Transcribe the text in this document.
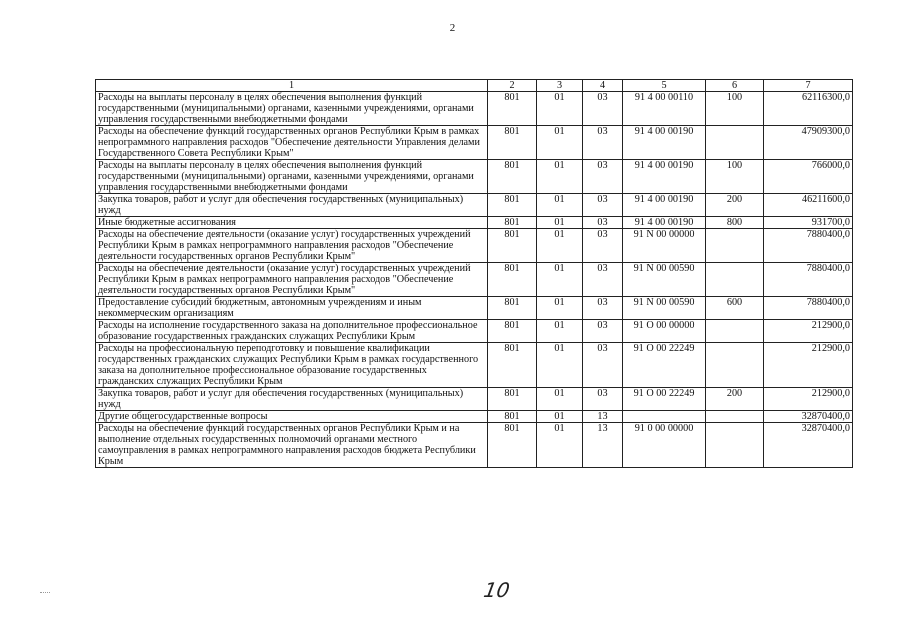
2
1	2	3	4	5	6	7
Расходы на выплаты персоналу в целях обеспечения выполнения функций государственными (муниципальными) органами, казенными учреждениями, органами управления государственными внебюджетными фондами	801	01	03	91 4 00 00110	100	62116300,0
Расходы на обеспечение функций государственных органов Республики Крым в рамках непрограммного направления расходов "Обеспечение деятельности Управления делами Государственного Совета Республики Крым"	801	01	03	91 4 00 00190		47909300,0
Расходы на выплаты персоналу в целях обеспечения выполнения функций государственными (муниципальными) органами, казенными учреждениями, органами управления государственными внебюджетными фондами	801	01	03	91 4 00 00190	100	766000,0
Закупка товаров, работ и услуг для обеспечения государственных (муниципальных) нужд	801	01	03	91 4 00 00190	200	46211600,0
Иные бюджетные ассигнования	801	01	03	91 4 00 00190	800	931700,0
Расходы на обеспечение деятельности (оказание услуг) государственных учреждений Республики Крым в рамках непрограммного направления расходов "Обеспечение деятельности государственных органов Республики Крым"	801	01	03	91 N 00 00000		7880400,0
Расходы на обеспечение деятельности (оказание услуг) государственных учреждений Республики Крым в рамках непрограммного направления расходов "Обеспечение деятельности государственных органов Республики Крым"	801	01	03	91 N 00 00590		7880400,0
Предоставление субсидий бюджетным, автономным учреждениям и иным некоммерческим организациям	801	01	03	91 N 00 00590	600	7880400,0
Расходы на исполнение государственного заказа на дополнительное профессиональное образование государственных гражданских служащих Республики Крым	801	01	03	91 О 00 00000		212900,0
Расходы на профессиональную переподготовку и повышение квалификации государственных гражданских служащих Республики Крым в рамках государственного заказа на дополнительное профессиональное образование государственных гражданских служащих Республики Крым	801	01	03	91 О 00 22249		212900,0
Закупка товаров, работ и услуг для обеспечения государственных (муниципальных) нужд	801	01	03	91 О 00 22249	200	212900,0
Другие общегосударственные вопросы	801	01	13			32870400,0
Расходы на обеспечение функций государственных органов Республики Крым и на выполнение отдельных государственных полномочий органами местного самоуправления в рамках непрограммного направления расходов бюджета Республики Крым	801	01	13	91 0 00 00000		32870400,0
10
